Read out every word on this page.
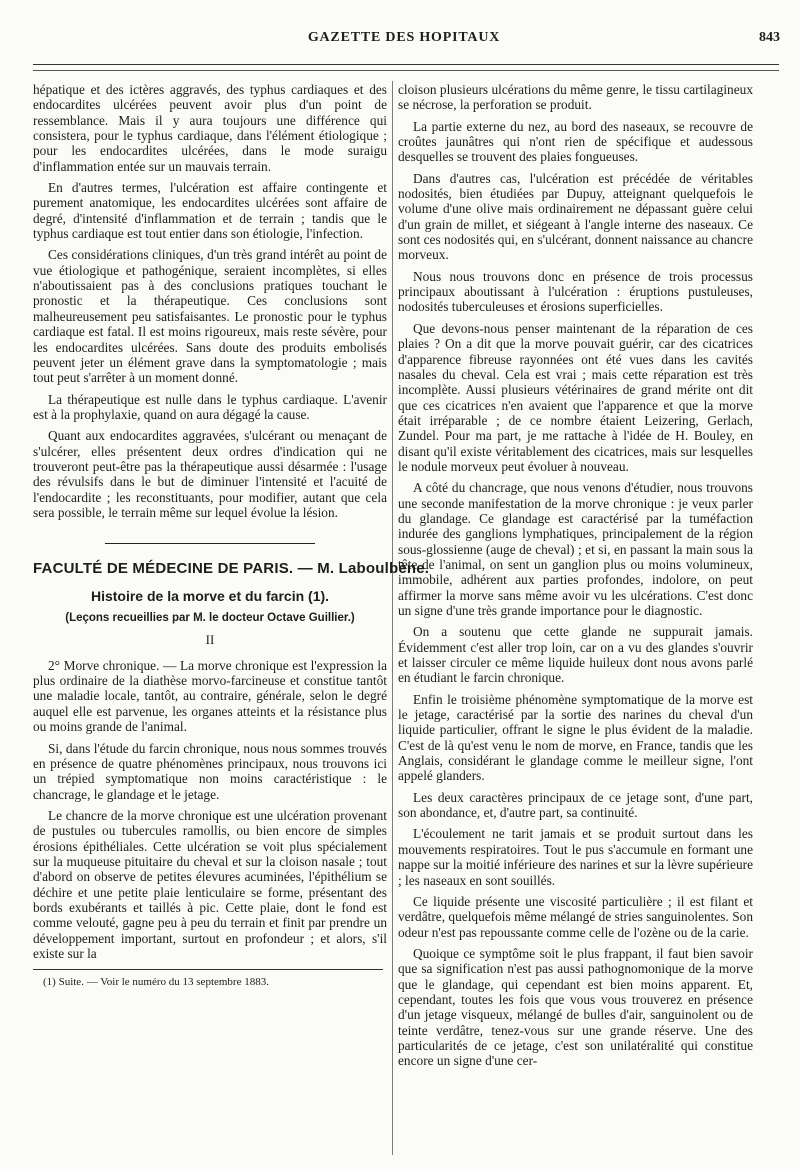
GAZETTE DES HOPITAUX	843

hépatique et des ictères aggravés, des typhus cardiaques et des endocardites ulcérées peuvent avoir plus d'un point de ressemblance. Mais il y aura toujours une différence qui consistera, pour le typhus cardiaque, dans l'élément étiologique ; pour les endocardites ulcérées, dans le mode suraigu d'inflammation entée sur un mauvais terrain.

En d'autres termes, l'ulcération est affaire contingente et purement anatomique, les endocardites ulcérées sont affaire de degré, d'intensité d'inflammation et de terrain ; tandis que le typhus cardiaque est tout entier dans son étiologie, l'infection.

Ces considérations cliniques, d'un très grand intérêt au point de vue étiologique et pathogénique, seraient incomplètes, si elles n'aboutissaient pas à des conclusions pratiques touchant le pronostic et la thérapeutique. Ces conclusions sont malheureusement peu satisfaisantes. Le pronostic pour le typhus cardiaque est fatal. Il est moins rigoureux, mais reste sévère, pour les endocardites ulcérées. Sans doute des produits embolisés peuvent jeter un élément grave dans la symptomatologie ; mais tout peut s'arrêter à un moment donné.

La thérapeutique est nulle dans le typhus cardiaque. L'avenir est à la prophylaxie, quand on aura dégagé la cause.

Quant aux endocardites aggravées, s'ulcérant ou menaçant de s'ulcérer, elles présentent deux ordres d'indication qui ne trouveront peut-être pas la thérapeutique aussi désarmée : l'usage des révulsifs dans le but de diminuer l'intensité et l'acuité de l'endocardite ; les reconstituants, pour modifier, autant que cela sera possible, le terrain même sur lequel évolue la lésion.

FACULTÉ DE MÉDECINE DE PARIS. — M. Laboulbène.
Histoire de la morve et du farcin (1).
(Leçons recueillies par M. le docteur Octave Guillier.)
II

2° Morve chronique. — La morve chronique est l'expression la plus ordinaire de la diathèse morvo-farcineuse et constitue tantôt une maladie locale, tantôt, au contraire, générale, selon le degré auquel elle est parvenue, les organes atteints et la résistance plus ou moins grande de l'animal.

Si, dans l'étude du farcin chronique, nous nous sommes trouvés en présence de quatre phénomènes principaux, nous trouvons ici un trépied symptomatique non moins caractéristique : le chancrage, le glandage et le jetage.

Le chancre de la morve chronique est une ulcération provenant de pustules ou tubercules ramollis, ou bien encore de simples érosions épithéliales. Cette ulcération se voit plus spécialement sur la muqueuse pituitaire du cheval et sur la cloison nasale ; tout d'abord on observe de petites élevures acuminées, l'épithélium se déchire et une petite plaie lenticulaire se forme, présentant des bords exubérants et taillés à pic. Cette plaie, dont le fond est comme velouté, gagne peu à peu du terrain et finit par prendre un développement important, surtout en profondeur ; et alors, s'il existe sur la

(1) Suite. — Voir le numéro du 13 septembre 1883.

cloison plusieurs ulcérations du même genre, le tissu cartilagineux se nécrose, la perforation se produit.

La partie externe du nez, au bord des naseaux, se recouvre de croûtes jaunâtres qui n'ont rien de spécifique et audessous desquelles se trouvent des plaies fongueuses.

Dans d'autres cas, l'ulcération est précédée de véritables nodosités, bien étudiées par Dupuy, atteignant quelquefois le volume d'une olive mais ordinairement ne dépassant guère celui d'un grain de millet, et siégeant à l'angle interne des naseaux. Ce sont ces nodosités qui, en s'ulcérant, donnent naissance au chancre morveux.

Nous nous trouvons donc en présence de trois processus principaux aboutissant à l'ulcération : éruptions pustuleuses, nodosités tuberculeuses et érosions superficielles.

Que devons-nous penser maintenant de la réparation de ces plaies ? On a dit que la morve pouvait guérir, car des cicatrices d'apparence fibreuse rayonnées ont été vues dans les cavités nasales du cheval. Cela est vrai ; mais cette réparation est très incomplète. Aussi plusieurs vétérinaires de grand mérite ont dit que ces cicatrices n'en avaient que l'apparence et que la morve était irréparable ; de ce nombre étaient Leizering, Gerlach, Zundel. Pour ma part, je me rattache à l'idée de H. Bouley, en disant qu'il existe véritablement des cicatrices, mais sur lesquelles le nodule morveux peut évoluer à nouveau.

A côté du chancrage, que nous venons d'étudier, nous trouvons une seconde manifestation de la morve chronique : je veux parler du glandage. Ce glandage est caractérisé par la tuméfaction indurée des ganglions lymphatiques, principalement de la région sous-glossienne (auge de cheval) ; et si, en passant la main sous la tête de l'animal, on sent un ganglion plus ou moins volumineux, immobile, adhérent aux parties profondes, indolore, on peut affirmer la morve sans même avoir vu les ulcérations. C'est donc un signe d'une très grande importance pour le diagnostic.

On a soutenu que cette glande ne suppurait jamais. Évidemment c'est aller trop loin, car on a vu des glandes s'ouvrir et laisser circuler ce même liquide huileux dont nous avons parlé en étudiant le farcin chronique.

Enfin le troisième phénomène symptomatique de la morve est le jetage, caractérisé par la sortie des narines du cheval d'un liquide particulier, offrant le signe le plus évident de la maladie. C'est de là qu'est venu le nom de morve, en France, tandis que les Anglais, considérant le glandage comme le meilleur signe, l'ont appelé glanders.

Les deux caractères principaux de ce jetage sont, d'une part, son abondance, et, d'autre part, sa continuité.

L'écoulement ne tarit jamais et se produit surtout dans les mouvements respiratoires. Tout le pus s'accumule en formant une nappe sur la moitié inférieure des narines et sur la lèvre supérieure ; les naseaux en sont souillés.

Ce liquide présente une viscosité particulière ; il est filant et verdâtre, quelquefois même mélangé de stries sanguinolentes. Son odeur n'est pas repoussante comme celle de l'ozène ou de la carie.

Quoique ce symptôme soit le plus frappant, il faut bien savoir que sa signification n'est pas aussi pathognomonique de la morve que le glandage, qui cependant est bien moins apparent. Et, cependant, toutes les fois que vous vous trouverez en présence d'un jetage visqueux, mélangé de bulles d'air, sanguinolent ou de teinte verdâtre, tenez-vous sur une grande réserve. Une des particularités de ce jetage, c'est son unilatéralité qui constitue encore un signe d'une cer-
